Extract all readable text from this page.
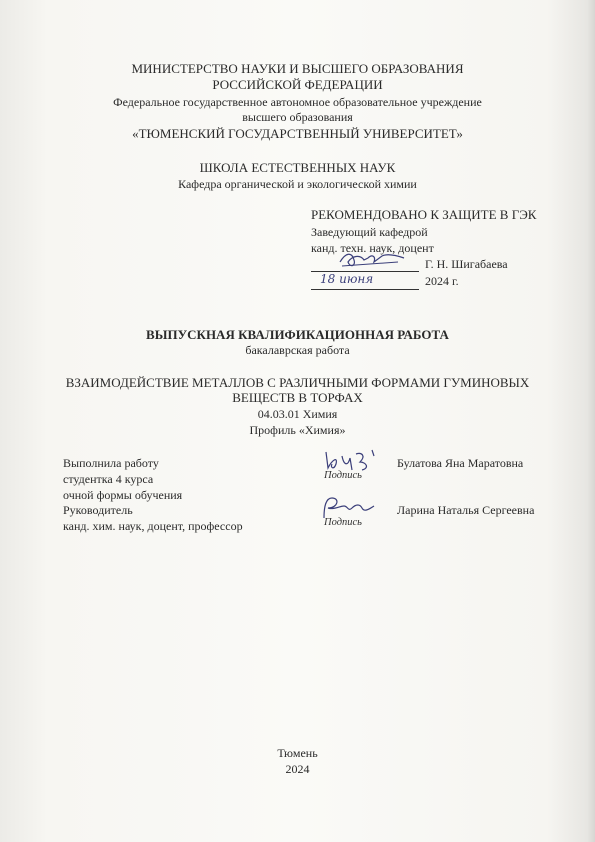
МИНИСТЕРСТВО НАУКИ И ВЫСШЕГО ОБРАЗОВАНИЯ
РОССИЙСКОЙ ФЕДЕРАЦИИ
Федеральное государственное автономное образовательное учреждение
высшего образования
«ТЮМЕНСКИЙ ГОСУДАРСТВЕННЫЙ УНИВЕРСИТЕТ»
ШКОЛА ЕСТЕСТВЕННЫХ НАУК
Кафедра органической и экологической химии
РЕКОМЕНДОВАНО К ЗАЩИТЕ В ГЭК
Заведующий кафедрой
канд. техн. наук, доцент
Г. Н. Шигабаева
18 июня	2024 г.
ВЫПУСКНАЯ КВАЛИФИКАЦИОННАЯ РАБОТА
бакалаврская работа
ВЗАИМОДЕЙСТВИЕ МЕТАЛЛОВ С РАЗЛИЧНЫМИ ФОРМАМИ ГУМИНОВЫХ
ВЕЩЕСТВ В ТОРФАХ
04.03.01 Химия
Профиль «Химия»
Выполнила работу
студентка 4 курса
очной формы обучения
Руководитель
канд. хим. наук, доцент, профессор
Подпись
Булатова Яна Маратовна
Подпись
Ларина Наталья Сергеевна
Тюмень
2024
